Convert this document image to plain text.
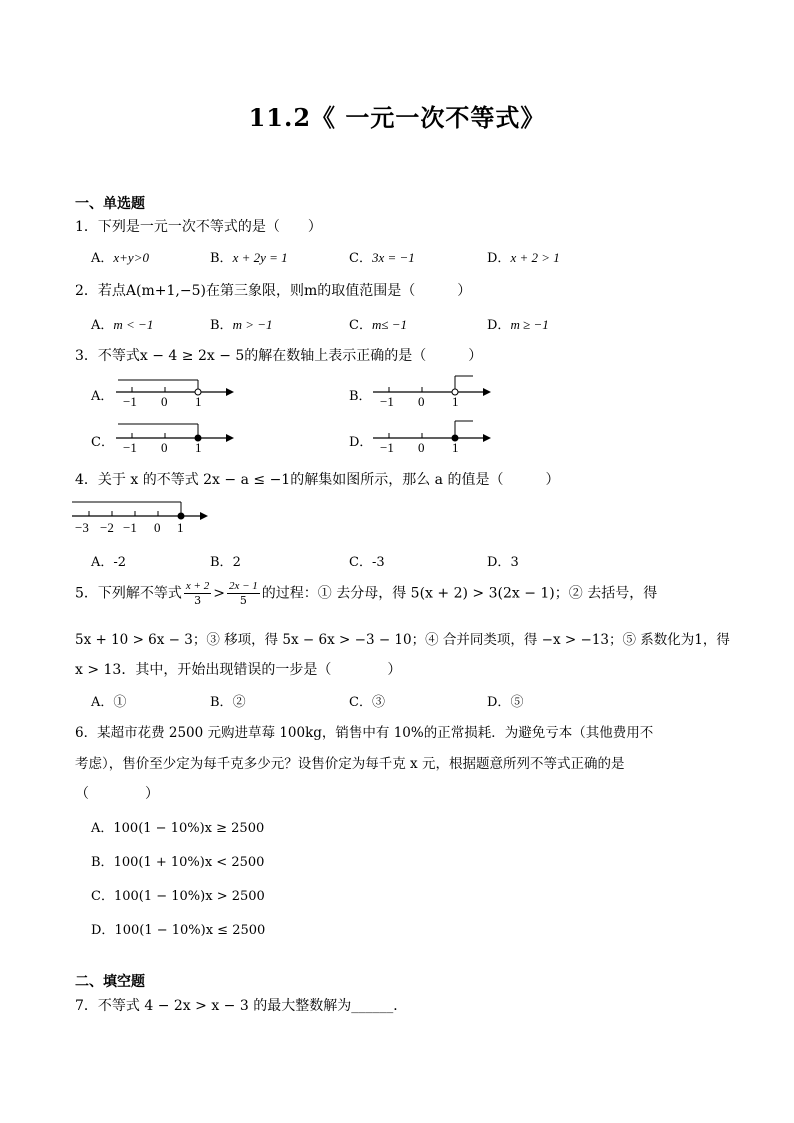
11.2《 一元一次不等式》
一、单选题
1．下列是一元一次不等式的是（　　）
A．x+y>0	B．x + 2y = 1	C．3x = −1	D．x + 2 > 1
2．若点A(m+1,−5)在第三象限，则m的取值范围是（　　　）
A．m < −1	B．m > −1	C．m≤ −1	D．m ≥ −1
3．不等式x − 4 ≥ 2x − 5的解在数轴上表示正确的是（　　　）
A． −1 0 1	B． −1 0 1
C． −1 0 1	D． −1 0 1
4．关于 x 的不等式 2x − a ≤ −1的解集如图所示，那么 a 的值是（　　　）
−3 −2 −1 0 1
A．-2	B．2	C．-3	D．3
5．下列解不等式 $\frac{x + 2}{3} > \frac{2x - 1}{5}$ 的过程：① 去分母，得 5(x + 2) > 3(2x − 1)；② 去括号，得
5x + 10 > 6x − 3；③ 移项，得 5x − 6x > −3 − 10；④ 合并同类项，得 −x > −13；⑤ 系数化为1，得
x > 13．其中，开始出现错误的一步是（　　　　）
A．①	B．②	C．③	D．⑤
6．某超市花费 2500 元购进草莓 100kg，销售中有 10%的正常损耗．为避免亏本（其他费用不
考虑），售价至少定为每千克多少元？设售价定为每千克 x 元，根据题意所列不等式正确的是
（　　　　）
A．100(1 − 10%)x ≥ 2500
B．100(1 + 10%)x < 2500
C．100(1 − 10%)x > 2500
D．100(1 − 10%)x ≤ 2500
二、填空题
7．不等式 4 − 2x > x − 3 的最大整数解为______．
